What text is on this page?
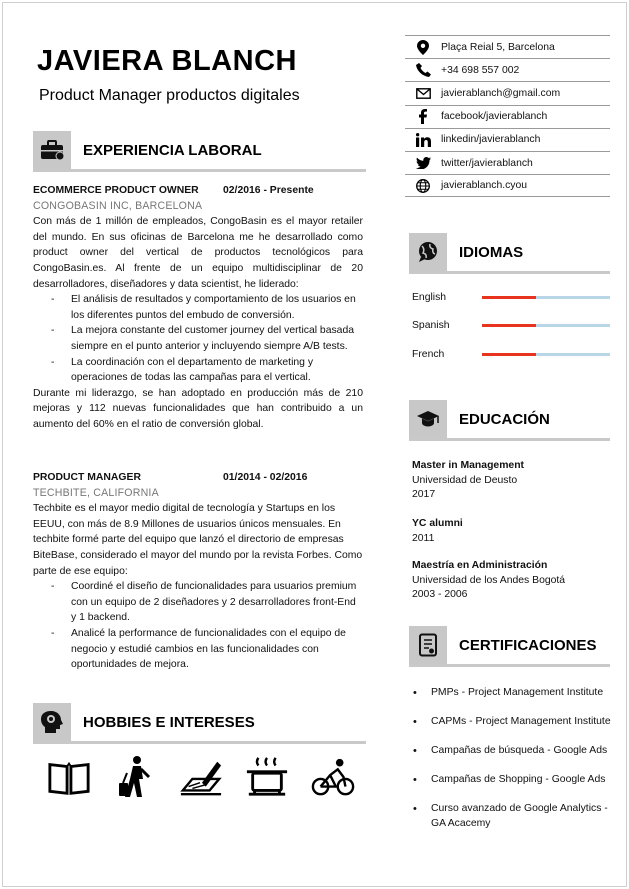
JAVIERA BLANCH
Product Manager productos digitales
EXPERIENCIA LABORAL
ECOMMERCE PRODUCT OWNER	02/2016 - Presente
CONGOBASIN INC, BARCELONA

Con más de 1 millón de empleados, CongoBasin es el mayor retailer del mundo. En sus oficinas de Barcelona me he desarrollado como product owner del vertical de productos tecnológicos para CongoBasin.es. Al frente de un equipo multidisciplinar de 20 desarrolladores, diseñadores y data scientist, he liderado:

- El análisis de resultados y comportamiento de los usuarios en los diferentes puntos del embudo de conversión.
- La mejora constante del customer journey del vertical basada siempre en el punto anterior y incluyendo siempre A/B tests.
- La coordinación con el departamento de marketing y operaciones de todas las campañas para el vertical.

Durante mi liderazgo, se han adoptado en producción más de 210 mejoras y 112 nuevas funcionalidades que han contribuido a un aumento del 60% en el ratio de conversión global.

PRODUCT MANAGER	01/2014 - 02/2016
TECHBITE, CALIFORNIA

Techbite es el mayor medio digital de tecnología y Startups en los EEUU, con más de 8.9 Millones de usuarios únicos mensuales. En techbite formé parte del equipo que lanzó el directorio de empresas BiteBase, considerado el mayor del mundo por la revista Forbes. Como parte de ese equipo:

- Coordiné el diseño de funcionalidades para usuarios premium con un equipo de 2 diseñadores y 2 desarrolladores front-End y 1 backend.
- Analicé la performance de funcionalidades con el equipo de negocio y estudié cambios en las funcionalidades con oportunidades de mejora.
HOBBIES E INTERESES
Plaça Reial 5, Barcelona
+34 698 557 002
javierablanch@gmail.com
facebook/javierablanch
linkedin/javierablanch
twitter/javierablanch
javierablanch.cyou
IDIOMAS
English
Spanish
French
EDUCACIÓN
Master in Management
Universidad de Deusto
2017
YC alumni
2011
Maestría en Administración
Universidad de los Andes Bogotá
2003 - 2006
CERTIFICACIONES
• PMPs - Project Management Institute
• CAPMs - Project Management Institute
• Campañas de búsqueda - Google Ads
• Campañas de Shopping - Google Ads
• Curso avanzado de Google Analytics - GA Acacemy
